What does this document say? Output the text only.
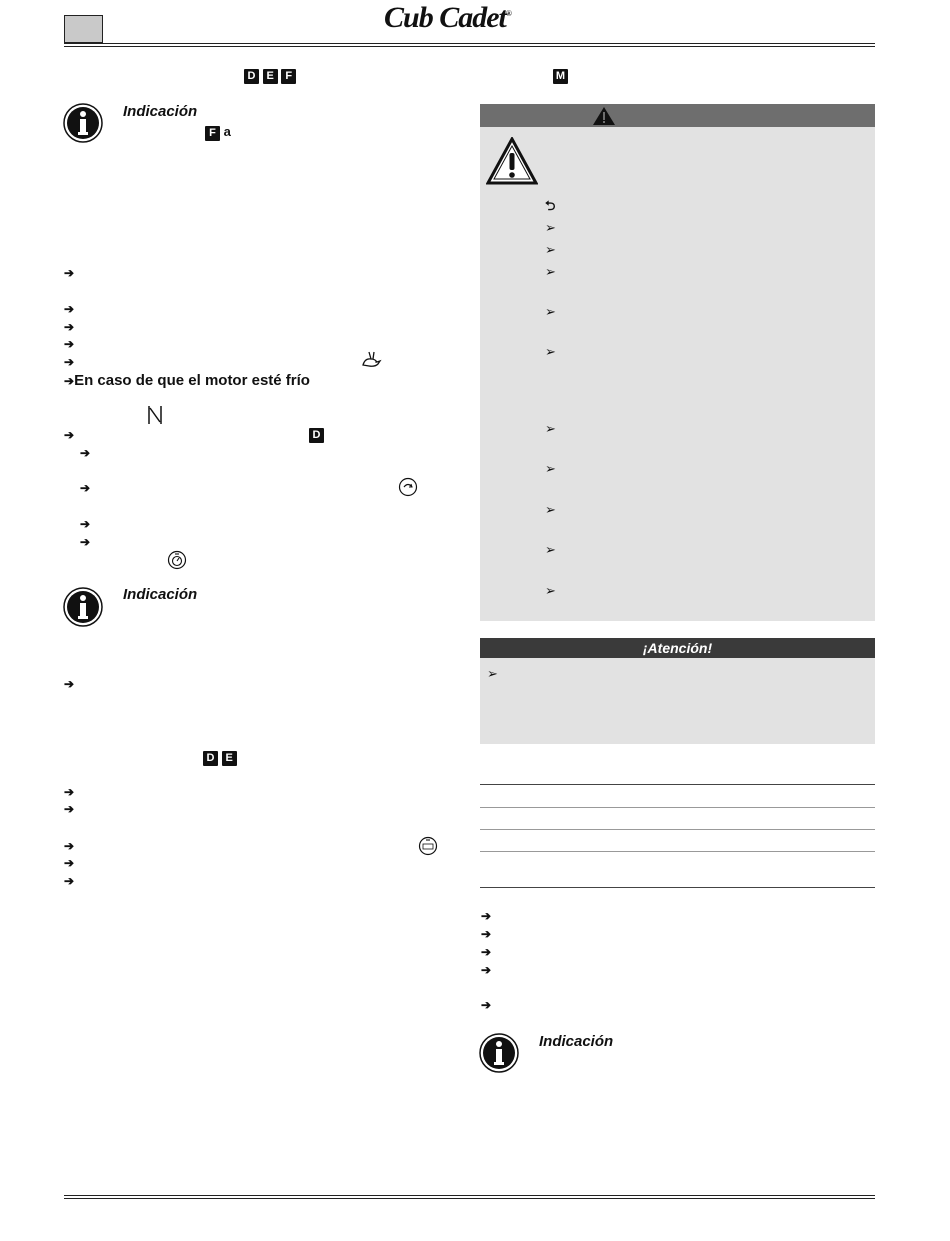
Cub Cadet®
D E F	M
Indicación
F a
➔
➔
➔
➔
➔
➔En caso de que el motor esté frío
➔	D
➔
➔
➔
➔
Indicación
➔
D E
➔
➔
➔
➔
➔
⮌
➢
➢
➢
➢
➢
➢
➢
➢
➢
➢
¡Atención!
➢
➔
➔
➔
➔
➔
Indicación
